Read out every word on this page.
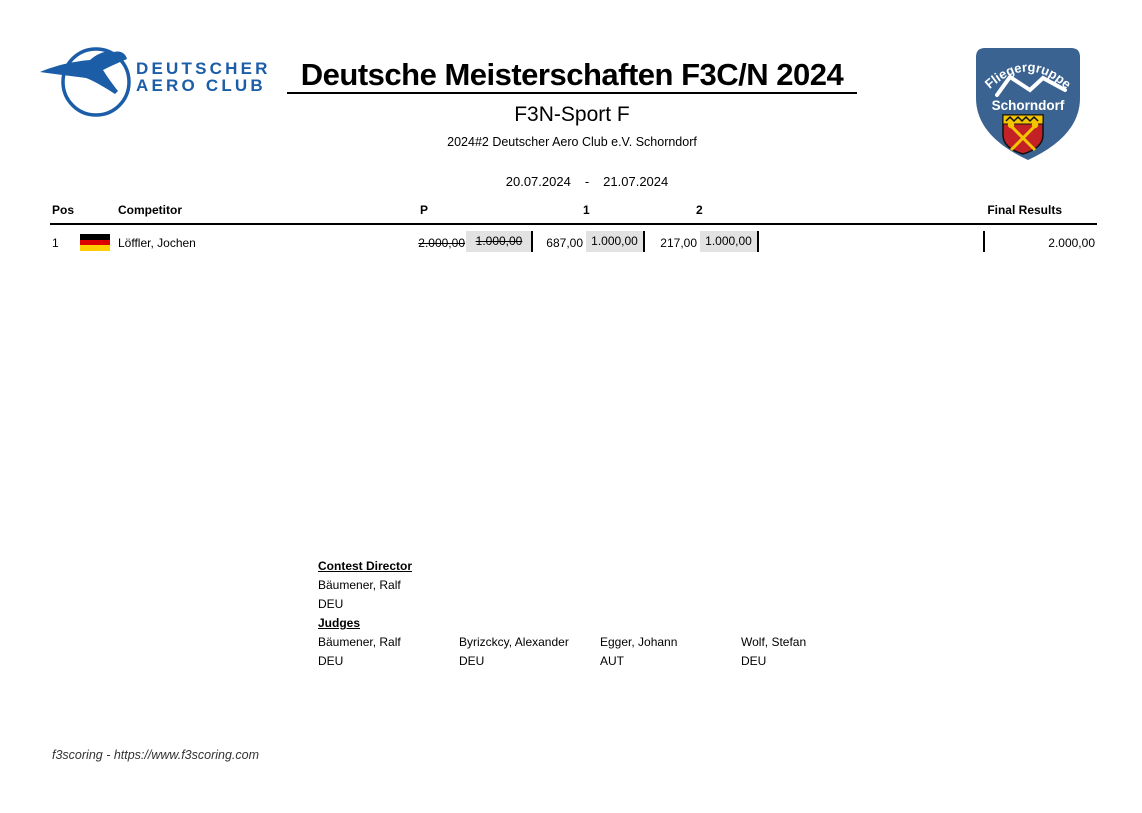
DEUTSCHER
AERO CLUB	Deutsche Meisterschaften F3C/N 2024
F3N-Sport F
2024#2 Deutscher Aero Club e.V. Schorndorf
20.07.2024 - 21.07.2024
Fliegergruppe
Schorndorf
Pos	Competitor	P	1	2	Final Results
1	Löffler, Jochen	2.000,00 1.000,00	687,00 1.000,00	217,00 1.000,00	2.000,00
Contest Director
Bäumener, Ralf
DEU
Judges
Bäumener, Ralf	Byrizckcy, Alexander	Egger, Johann	Wolf, Stefan
DEU	DEU	AUT	DEU
f3scoring - https://www.f3scoring.com
